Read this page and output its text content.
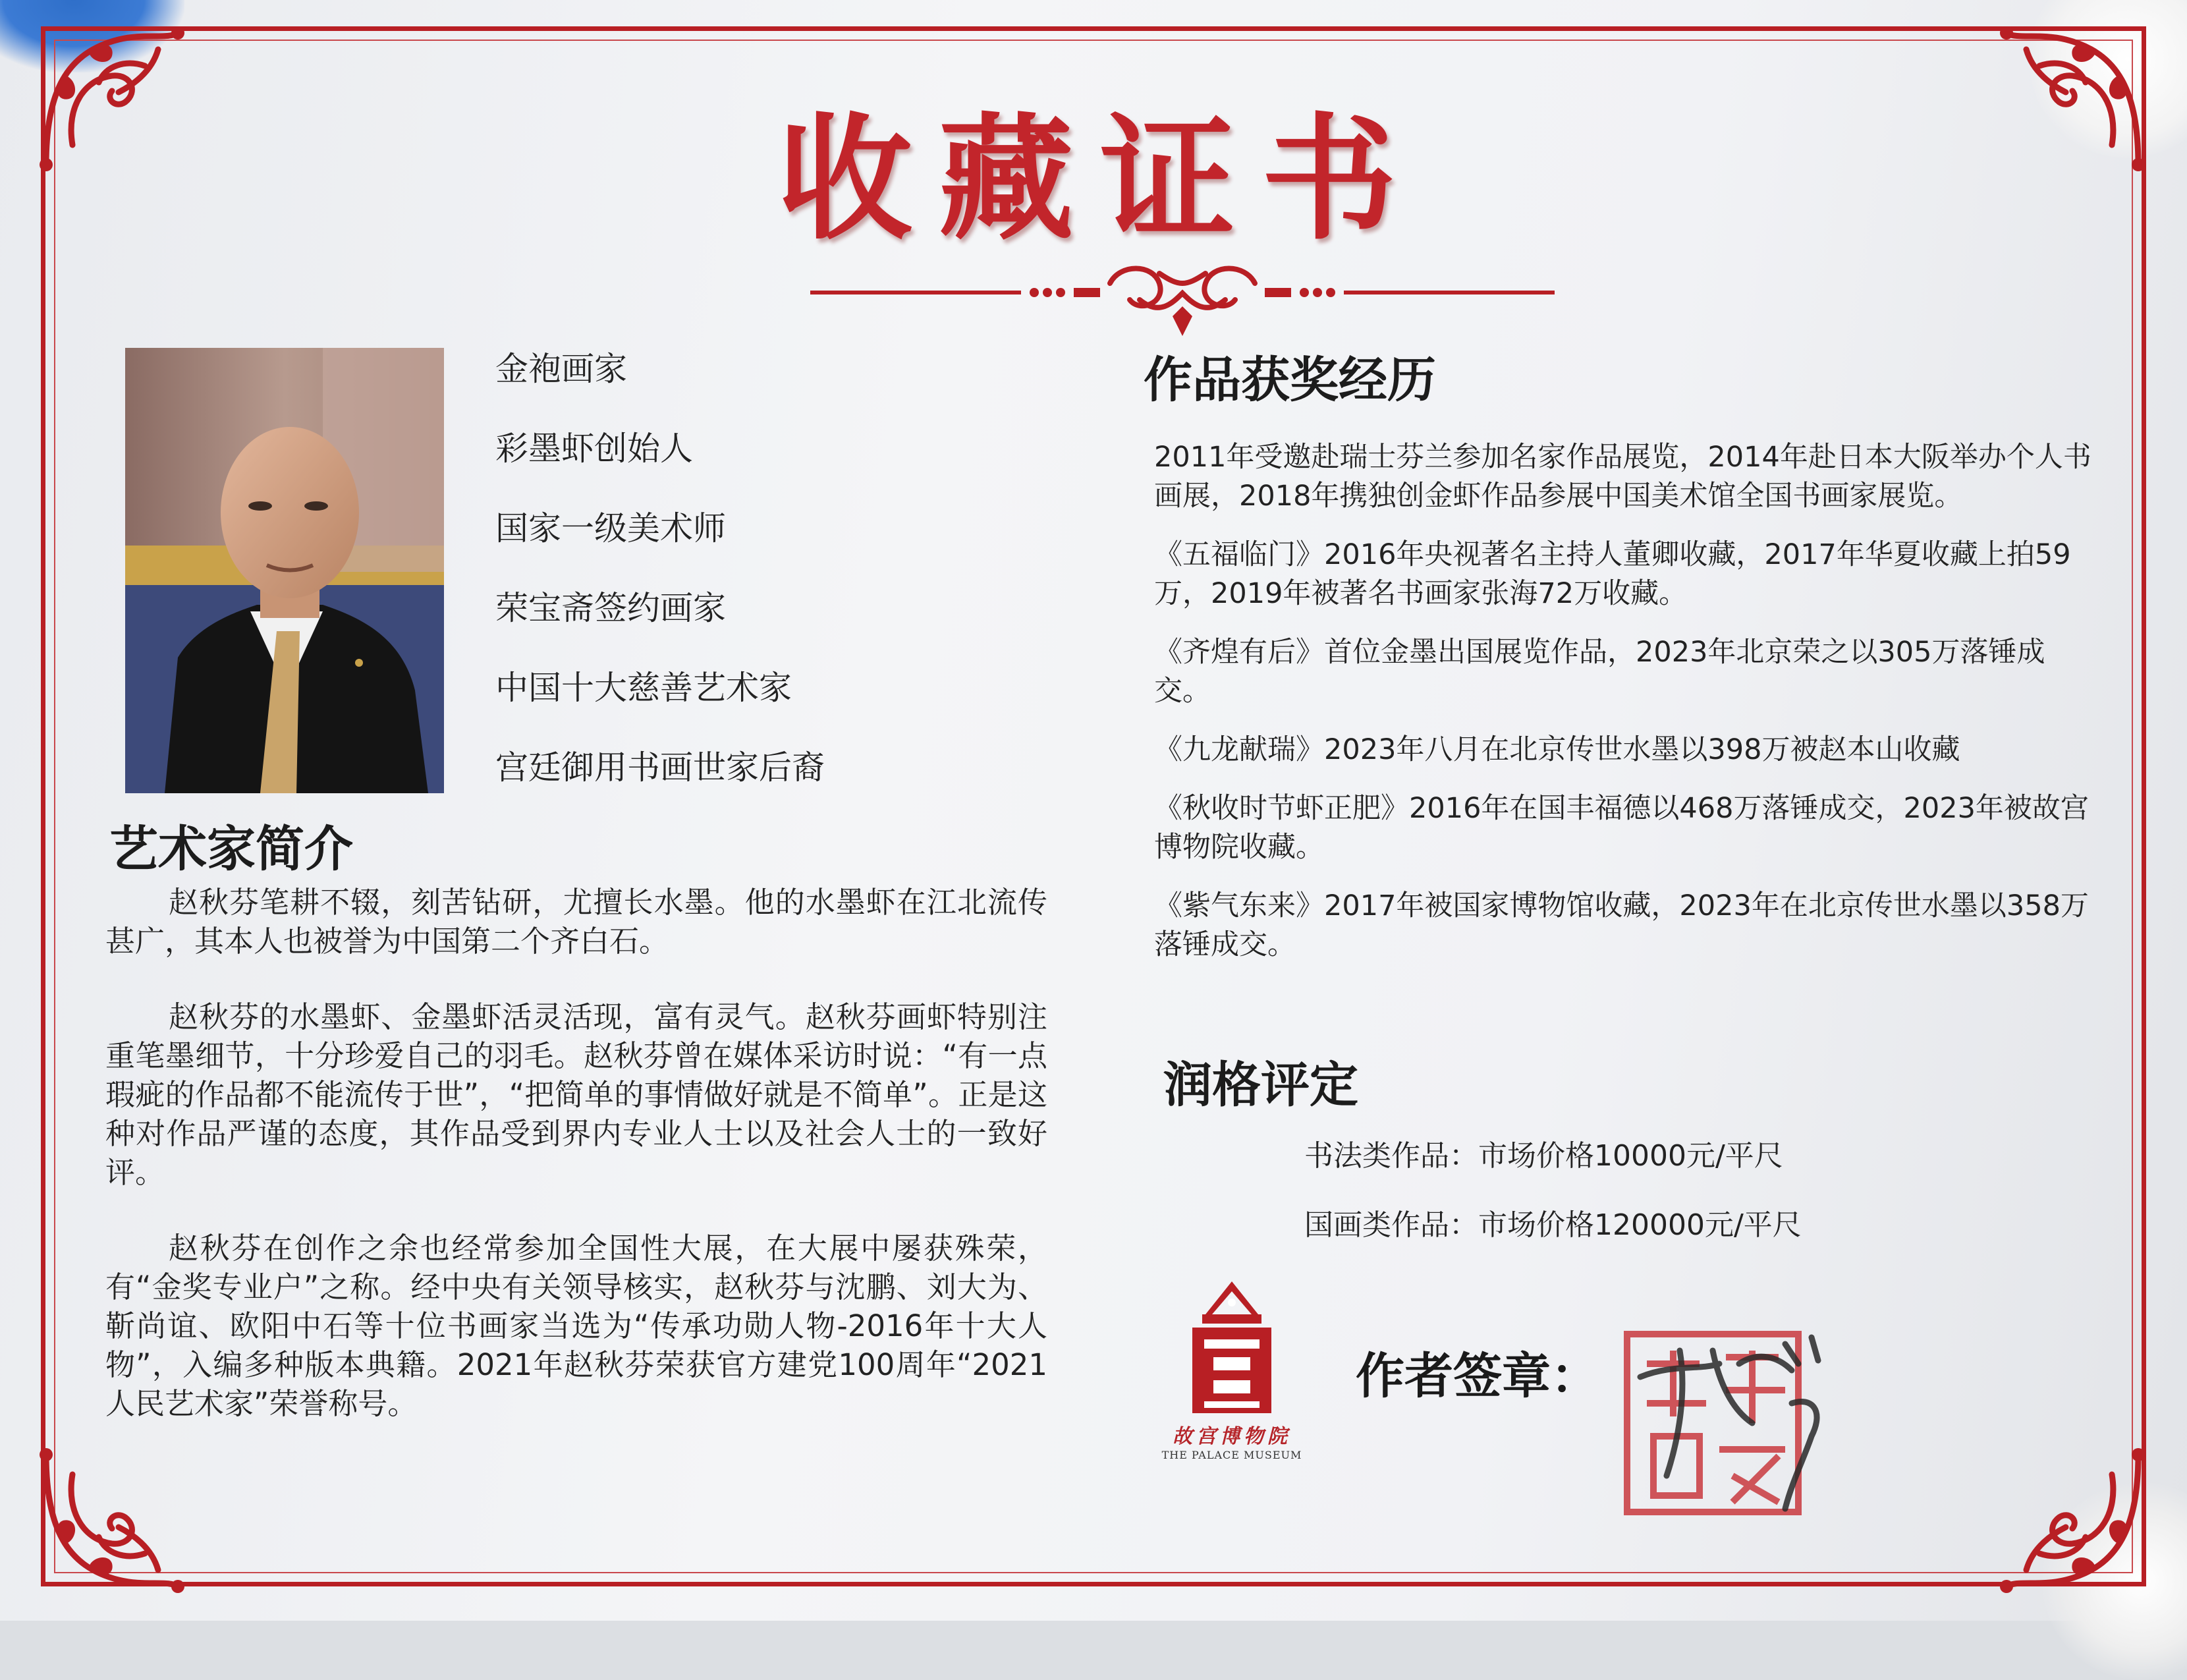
收藏证书
金袍画家
彩墨虾创始人
国家一级美术师
荣宝斋签约画家
中国十大慈善艺术家
宫廷御用书画世家后裔
艺术家简介

赵秋芬笔耕不辍，刻苦钻研，尤擅长水墨。他的水墨虾在江北流传甚广，其本人也被誉为中国第二个齐白石。

赵秋芬的水墨虾、金墨虾活灵活现，富有灵气。赵秋芬画虾特别注重笔墨细节，十分珍爱自己的羽毛。赵秋芬曾在媒体采访时说：“有一点瑕疵的作品都不能流传于世”，“把简单的事情做好就是不简单”。正是这种对作品严谨的态度，其作品受到界内专业人士以及社会人士的一致好评。

赵秋芬在创作之余也经常参加全国性大展，在大展中屡获殊荣，有“金奖专业户”之称。经中央有关领导核实，赵秋芬与沈鹏、刘大为、靳尚谊、欧阳中石等十位书画家当选为“传承功勋人物-2016年十大人物”，入编多种版本典籍。2021年赵秋芬荣获官方建党100周年“2021人民艺术家”荣誉称号。

作品获奖经历

2011年受邀赴瑞士芬兰参加名家作品展览，2014年赴日本大阪举办个人书画展，2018年携独创金虾作品参展中国美术馆全国书画家展览。

《五福临门》2016年央视著名主持人董卿收藏，2017年华夏收藏上拍59万，2019年被著名书画家张海72万收藏。

《齐煌有后》首位金墨出国展览作品，2023年北京荣之以305万落锤成交。

《九龙献瑞》2023年八月在北京传世水墨以398万被赵本山收藏

《秋收时节虾正肥》2016年在国丰福德以468万落锤成交，2023年被故宫博物院收藏。

《紫气东来》2017年被国家博物馆收藏，2023年在北京传世水墨以358万落锤成交。

润格评定
书法类作品：市场价格10000元/平尺
国画类作品：市场价格120000元/平尺
故宫博物院
THE PALACE MUSEUM
作者签章：
